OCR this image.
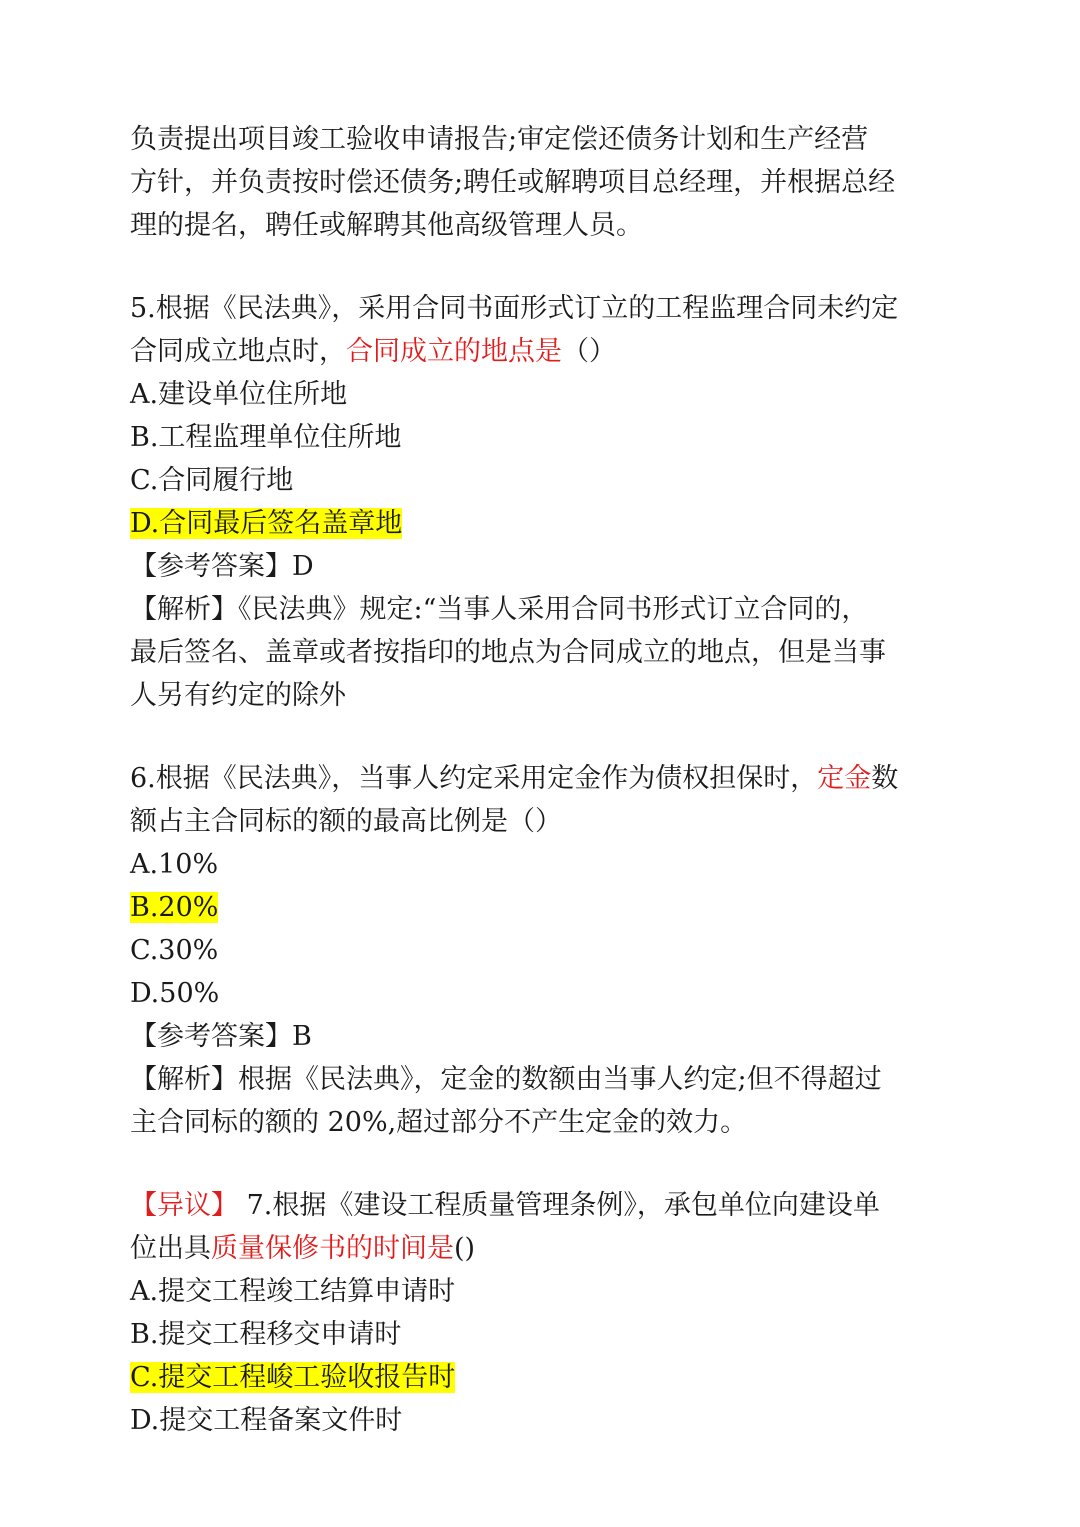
负责提出项目竣工验收申请报告;审定偿还债务计划和生产经营
方针，并负责按时偿还债务;聘任或解聘项目总经理，并根据总经
理的提名，聘任或解聘其他高级管理人员。
5.根据《民法典》，采用合同书面形式订立的工程监理合同未约定
合同成立地点时，合同成立的地点是（）
A.建设单位住所地
B.工程监理单位住所地
C.合同履行地
D.合同最后签名盖章地
【参考答案】D
【解析】《民法典》规定:“当事人采用合同书形式订立合同的，
最后签名、盖章或者按指印的地点为合同成立的地点，但是当事
人另有约定的除外
6.根据《民法典》，当事人约定采用定金作为债权担保时，定金数
额占主合同标的额的最高比例是（）
A.10%
B.20%
C.30%
D.50%
【参考答案】B
【解析】根据《民法典》，定金的数额由当事人约定;但不得超过
主合同标的额的 20%,超过部分不产生定金的效力。
【异议】 7.根据《建设工程质量管理条例》，承包单位向建设单
位出具质量保修书的时间是()
A.提交工程竣工结算申请时
B.提交工程移交申请时
C.提交工程峻工验收报告时
D.提交工程备案文件时
